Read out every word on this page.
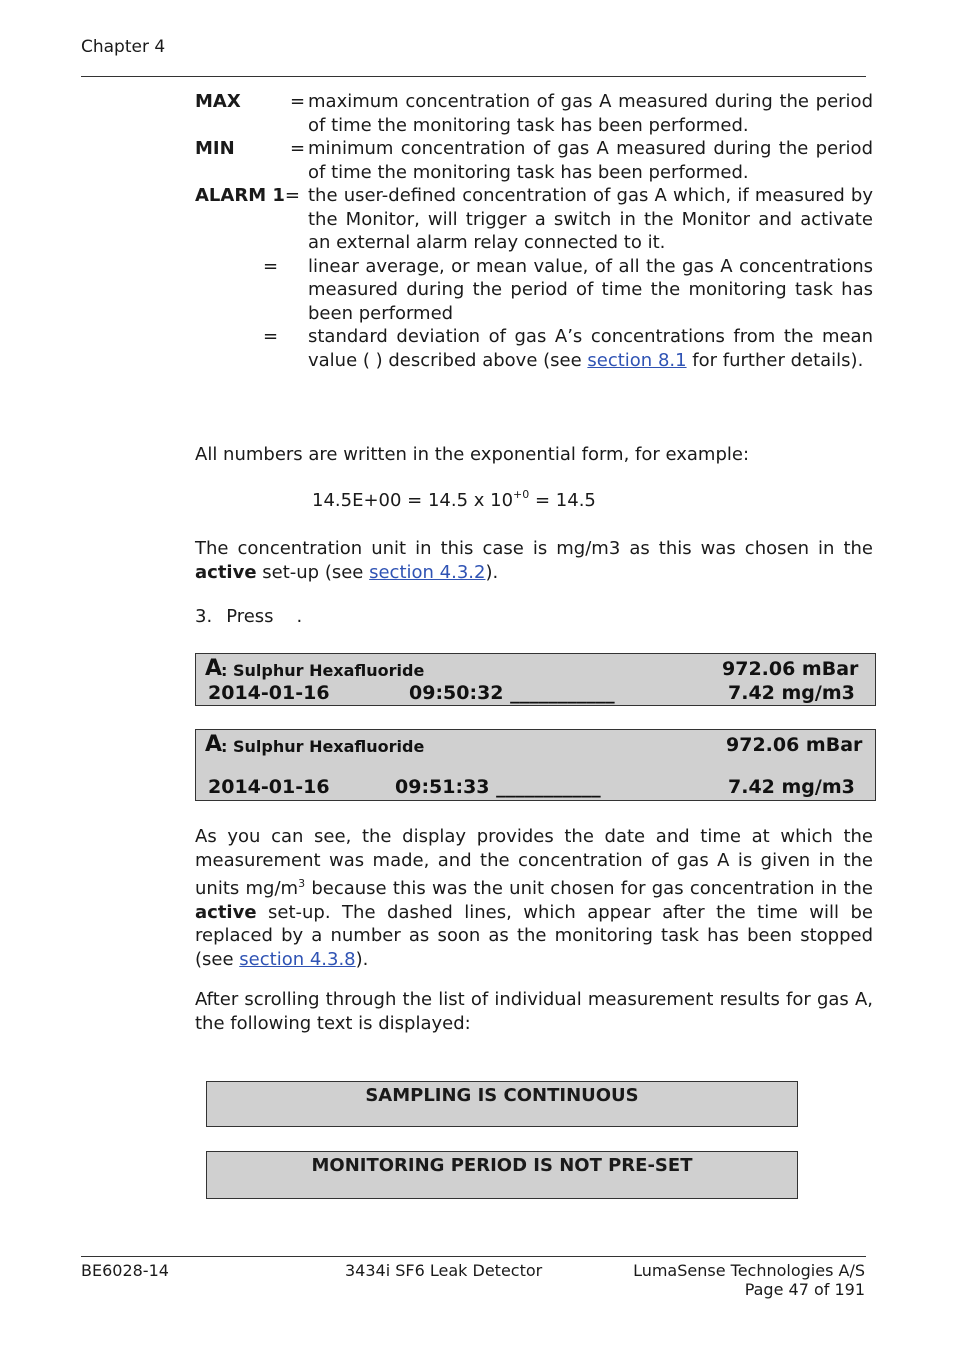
Chapter 4
MAX	= maximum concentration of gas A measured during the period of time the monitoring task has been performed.
MIN	= minimum concentration of gas A measured during the period of time the monitoring task has been performed.
ALARM 1 = the user-defined concentration of gas A which, if measured by the Monitor, will trigger a switch in the Monitor and activate an external alarm relay connected to it.
=	linear average, or mean value, of all the gas A concentrations measured during the period of time the monitoring task has been performed
=	standard deviation of gas A’s concentrations from the mean value ( ) described above (see section 8.1 for further details).
All numbers are written in the exponential form, for example:
14.5E+00 = 14.5 x $10^{+0} = 14.5$
The concentration unit in this case is mg/m3 as this was chosen in the active set-up (see section 4.3.2).
3. Press    .
A
: Sulphur Hexafluoride	972.06 mBar
2014-01-16	09:50:32 ___________	7.42 mg/m3
A
: Sulphur Hexafluoride	972.06 mBar
2014-01-16	09:51:33 ___________	7.42 mg/m3
As you can see, the display provides the date and time at which the measurement was made, and the concentration of gas A is given in the units $mg/m^3$ because this was the unit chosen for gas concentration in the active set-up. The dashed lines, which appear after the time will be replaced by a number as soon as the monitoring task has been stopped (see section 4.3.8).
After scrolling through the list of individual measurement results for gas A, the following text is displayed:
SAMPLING IS CONTINUOUS
MONITORING PERIOD IS NOT PRE-SET
BE6028-14	3434i SF6 Leak Detector	LumaSense Technologies A/S
Page 47 of 191
